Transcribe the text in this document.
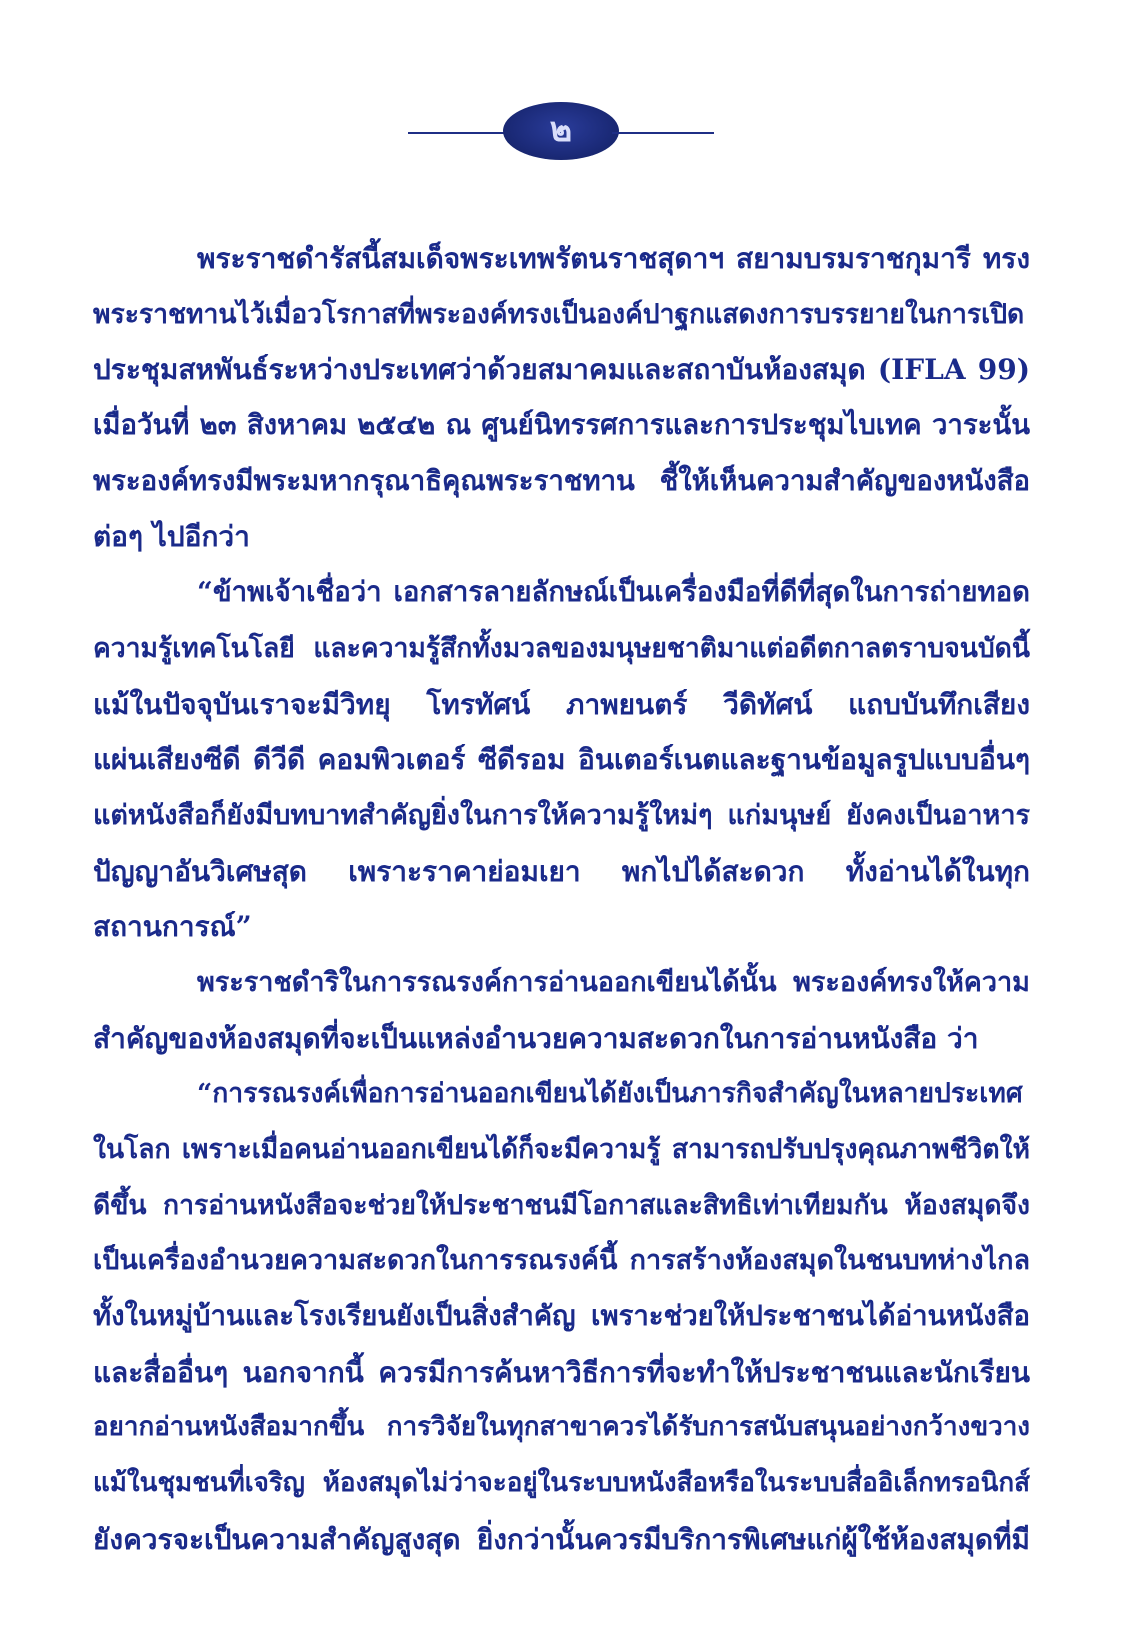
๒
พระราชดำรัสนี้สมเด็จพระเทพรัตนราชสุดาฯ สยามบรมราชกุมารี ทรง
พระราชทานไว้เมื่อวโรกาสที่พระองค์ทรงเป็นองค์ปาฐกแสดงการบรรยายในการเปิด
ประชุมสหพันธ์ระหว่างประเทศว่าด้วยสมาคมและสถาบันห้องสมุด (IFLA 99)
เมื่อวันที่ ๒๓ สิงหาคม ๒๕๔๒ ณ ศูนย์นิทรรศการและการประชุมไบเทค วาระนั้น
พระองค์ทรงมีพระมหากรุณาธิคุณพระราชทาน ชี้ให้เห็นความสำคัญของหนังสือ
ต่อๆ ไปอีกว่า
“ข้าพเจ้าเชื่อว่า เอกสารลายลักษณ์เป็นเครื่องมือที่ดีที่สุดในการถ่ายทอด
ความรู้เทคโนโลยี และความรู้สึกทั้งมวลของมนุษยชาติมาแต่อดีตกาลตราบจนบัดนี้
แม้ในปัจจุบันเราจะมีวิทยุ โทรทัศน์ ภาพยนตร์ วีดิทัศน์ แถบบันทึกเสียง
แผ่นเสียงซีดี ดีวีดี คอมพิวเตอร์ ซีดีรอม อินเตอร์เนตและฐานข้อมูลรูปแบบอื่นๆ
แต่หนังสือก็ยังมีบทบาทสำคัญยิ่งในการให้ความรู้ใหม่ๆ แก่มนุษย์ ยังคงเป็นอาหาร
ปัญญาอันวิเศษสุด เพราะราคาย่อมเยา พกไปได้สะดวก ทั้งอ่านได้ในทุก
สถานการณ์”
พระราชดำริในการรณรงค์การอ่านออกเขียนได้นั้น พระองค์ทรงให้ความ
สำคัญของห้องสมุดที่จะเป็นแหล่งอำนวยความสะดวกในการอ่านหนังสือ ว่า
“การรณรงค์เพื่อการอ่านออกเขียนได้ยังเป็นภารกิจสำคัญในหลายประเทศ
ในโลก เพราะเมื่อคนอ่านออกเขียนได้ก็จะมีความรู้ สามารถปรับปรุงคุณภาพชีวิตให้
ดีขึ้น การอ่านหนังสือจะช่วยให้ประชาชนมีโอกาสและสิทธิเท่าเทียมกัน ห้องสมุดจึง
เป็นเครื่องอำนวยความสะดวกในการรณรงค์นี้ การสร้างห้องสมุดในชนบทห่างไกล
ทั้งในหมู่บ้านและโรงเรียนยังเป็นสิ่งสำคัญ เพราะช่วยให้ประชาชนได้อ่านหนังสือ
และสื่ออื่นๆ นอกจากนี้ ควรมีการค้นหาวิธีการที่จะทำให้ประชาชนและนักเรียน
อยากอ่านหนังสือมากขึ้น การวิจัยในทุกสาขาควรได้รับการสนับสนุนอย่างกว้างขวาง
แม้ในชุมชนที่เจริญ ห้องสมุดไม่ว่าจะอยู่ในระบบหนังสือหรือในระบบสื่ออิเล็กทรอนิกส์
ยังควรจะเป็นความสำคัญสูงสุด ยิ่งกว่านั้นควรมีบริการพิเศษแก่ผู้ใช้ห้องสมุดที่มี
